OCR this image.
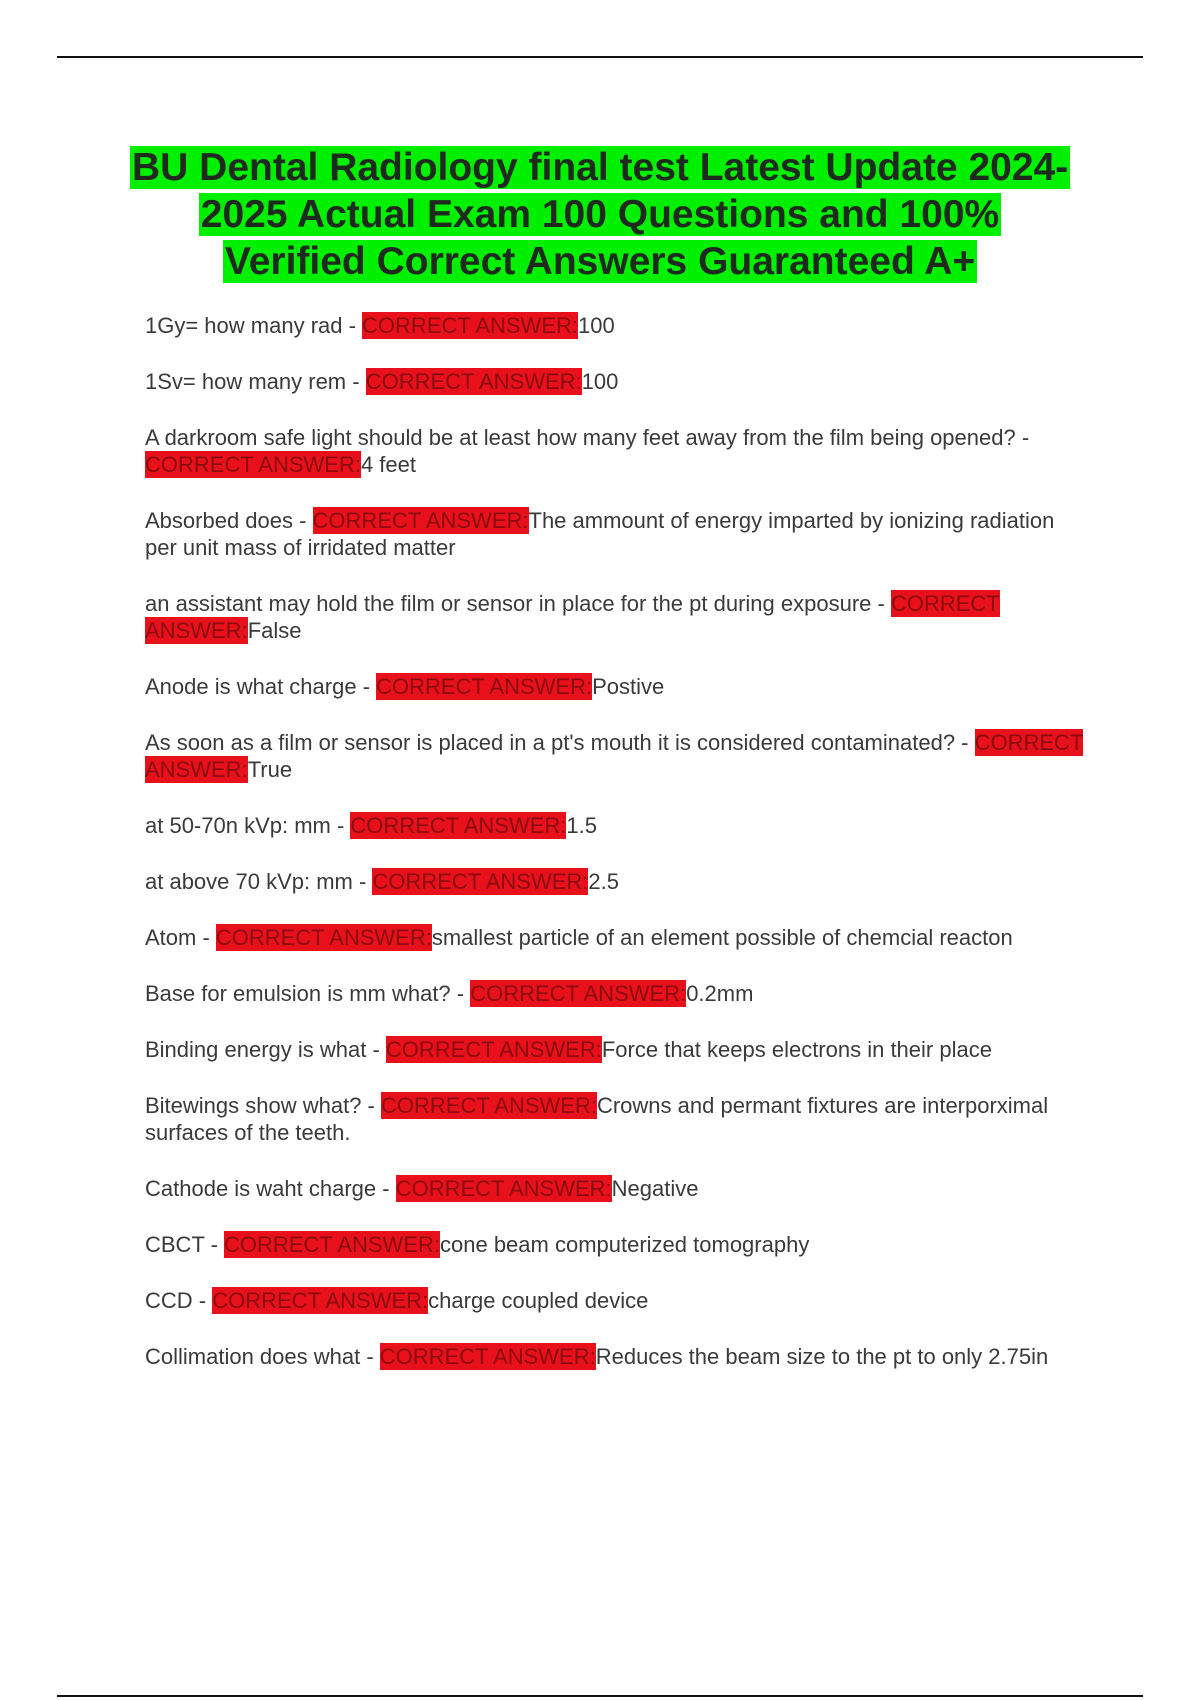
BU Dental Radiology final test Latest Update 2024-2025 Actual Exam 100 Questions and 100% Verified Correct Answers Guaranteed A+
1Gy= how many rad - CORRECT ANSWER:100
1Sv= how many rem - CORRECT ANSWER:100
A darkroom safe light should be at least how many feet away from the film being opened? - CORRECT ANSWER:4 feet
Absorbed does - CORRECT ANSWER:The ammount of energy imparted by ionizing radiation per unit mass of irridated matter
an assistant may hold the film or sensor in place for the pt during exposure - CORRECT ANSWER:False
Anode is what charge - CORRECT ANSWER:Postive
As soon as a film or sensor is placed in a pt's mouth it is considered contaminated? - CORRECT ANSWER:True
at 50-70n kVp: mm - CORRECT ANSWER:1.5
at above 70 kVp: mm - CORRECT ANSWER:2.5
Atom - CORRECT ANSWER:smallest particle of an element possible of chemcial reacton
Base for emulsion is mm what? - CORRECT ANSWER:0.2mm
Binding energy is what - CORRECT ANSWER:Force that keeps electrons in their place
Bitewings show what? - CORRECT ANSWER:Crowns and permant fixtures are interporximal surfaces of the teeth.
Cathode is waht charge - CORRECT ANSWER:Negative
CBCT - CORRECT ANSWER:cone beam computerized tomography
CCD - CORRECT ANSWER:charge coupled device
Collimation does what - CORRECT ANSWER:Reduces the beam size to the pt to only 2.75in
